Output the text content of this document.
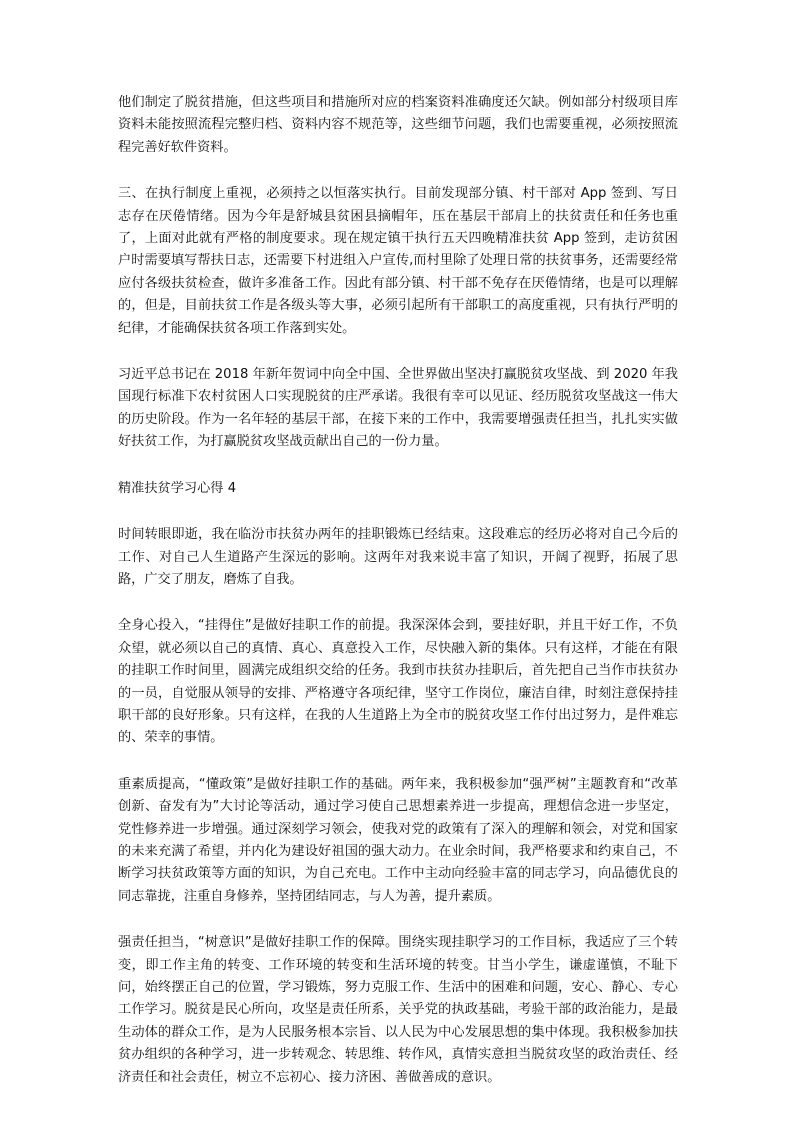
他们制定了脱贫措施，但这些项目和措施所对应的档案资料准确度还欠缺。例如部分村级项目库资料未能按照流程完整归档、资料内容不规范等，这些细节问题，我们也需要重视，必须按照流程完善好软件资料。

三、在执行制度上重视，必须持之以恒落实执行。目前发现部分镇、村干部对 App 签到、写日志存在厌倦情绪。因为今年是舒城县贫困县摘帽年，压在基层干部肩上的扶贫责任和任务也重了，上面对此就有严格的制度要求。现在规定镇干执行五天四晚精准扶贫 App 签到，走访贫困户时需要填写帮扶日志，还需要下村进组入户宣传,而村里除了处理日常的扶贫事务，还需要经常应付各级扶贫检查，做许多准备工作。因此有部分镇、村干部不免存在厌倦情绪，也是可以理解的，但是，目前扶贫工作是各级头等大事，必须引起所有干部职工的高度重视，只有执行严明的纪律，才能确保扶贫各项工作落到实处。

习近平总书记在 2018 年新年贺词中向全中国、全世界做出坚决打赢脱贫攻坚战、到 2020 年我国现行标准下农村贫困人口实现脱贫的庄严承诺。我很有幸可以见证、经历脱贫攻坚战这一伟大的历史阶段。作为一名年轻的基层干部，在接下来的工作中，我需要增强责任担当，扎扎实实做好扶贫工作，为打赢脱贫攻坚战贡献出自己的一份力量。

精准扶贫学习心得 4

时间转眼即逝，我在临汾市扶贫办两年的挂职锻炼已经结束。这段难忘的经历必将对自己今后的工作、对自己人生道路产生深远的影响。这两年对我来说丰富了知识，开阔了视野，拓展了思路，广交了朋友，磨炼了自我。

全身心投入，“挂得住”是做好挂职工作的前提。我深深体会到，要挂好职，并且干好工作，不负众望，就必须以自己的真情、真心、真意投入工作，尽快融入新的集体。只有这样，才能在有限的挂职工作时间里，圆满完成组织交给的任务。我到市扶贫办挂职后，首先把自己当作市扶贫办的一员，自觉服从领导的安排、严格遵守各项纪律，坚守工作岗位，廉洁自律，时刻注意保持挂职干部的良好形象。只有这样，在我的人生道路上为全市的脱贫攻坚工作付出过努力，是件难忘的、荣幸的事情。

重素质提高，“懂政策”是做好挂职工作的基础。两年来，我积极参加“强严树”主题教育和“改革创新、奋发有为”大讨论等活动，通过学习使自己思想素养进一步提高，理想信念进一步坚定，党性修养进一步增强。通过深刻学习领会，使我对党的政策有了深入的理解和领会，对党和国家的未来充满了希望，并内化为建设好祖国的强大动力。在业余时间，我严格要求和约束自己，不断学习扶贫政策等方面的知识，为自己充电。工作中主动向经验丰富的同志学习，向品德优良的同志靠拢，注重自身修养，坚持团结同志，与人为善，提升素质。

强责任担当，“树意识”是做好挂职工作的保障。围绕实现挂职学习的工作目标，我适应了三个转变，即工作主角的转变、工作环境的转变和生活环境的转变。甘当小学生，谦虚谨慎，不耻下问，始终摆正自己的位置，学习锻炼，努力克服工作、生活中的困难和问题，安心、静心、专心工作学习。脱贫是民心所向，攻坚是责任所系，关乎党的执政基础，考验干部的政治能力，是最生动体的群众工作，是为人民服务根本宗旨、以人民为中心发展思想的集中体现。我积极参加扶贫办组织的各种学习，进一步转观念、转思维、转作风，真情实意担当脱贫攻坚的政治责任、经济责任和社会责任，树立不忘初心、接力济困、善做善成的意识。
